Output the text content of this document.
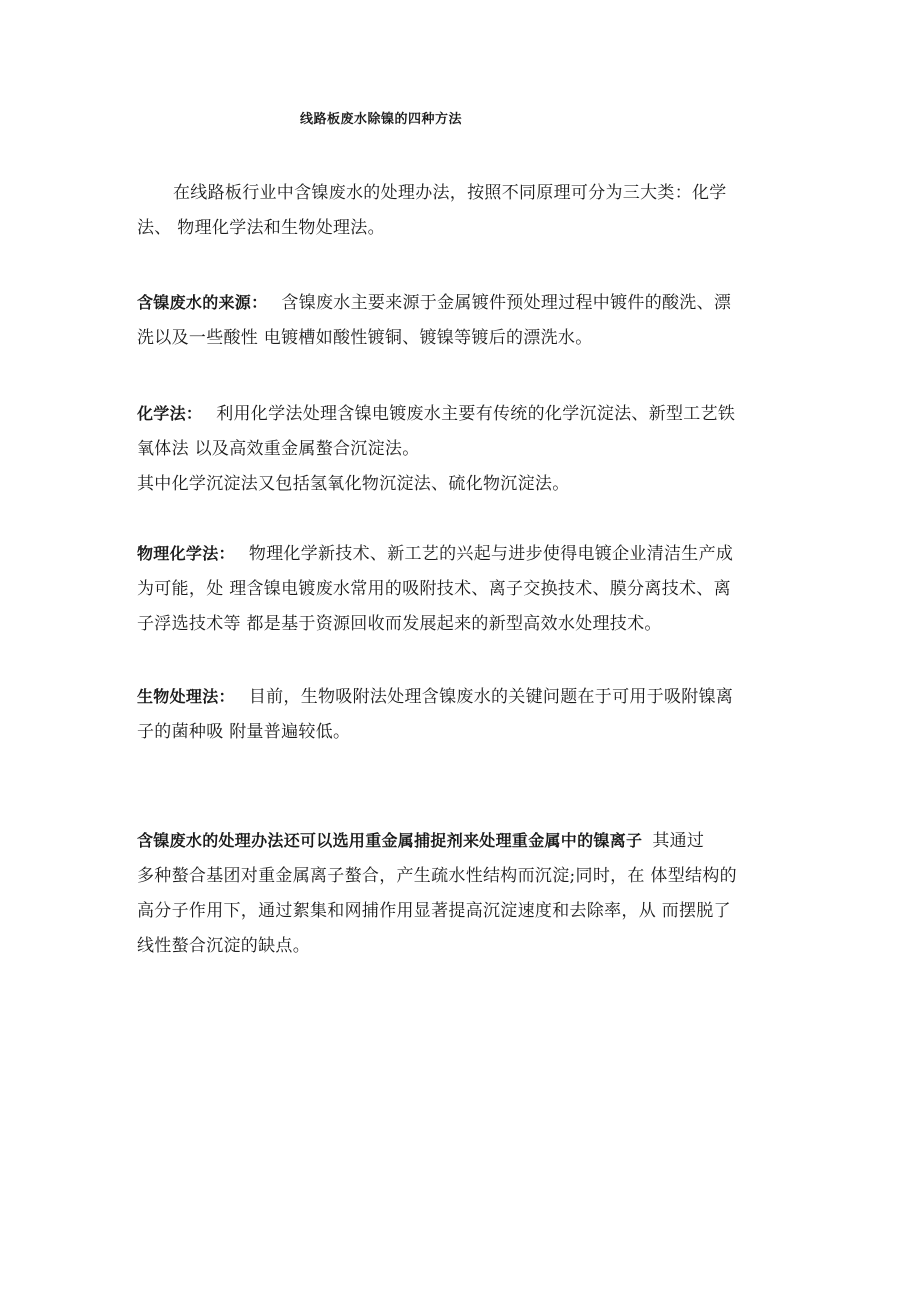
线路板废水除镍的四种方法

在线路板行业中含镍废水的处理办法，按照不同原理可分为三大类：化学
法、 物理化学法和生物处理法。

含镍废水的来源： 含镍废水主要来源于金属镀件预处理过程中镀件的酸洗、漂
洗以及一些酸性 电镀槽如酸性镀铜、镀镍等镀后的漂洗水。

化学法： 利用化学法处理含镍电镀废水主要有传统的化学沉淀法、新型工艺铁
氧体法 以及高效重金属螯合沉淀法。
其中化学沉淀法又包括氢氧化物沉淀法、硫化物沉淀法。

物理化学法： 物理化学新技术、新工艺的兴起与进步使得电镀企业清洁生产成
为可能，处 理含镍电镀废水常用的吸附技术、离子交换技术、膜分离技术、离
子浮选技术等 都是基于资源回收而发展起来的新型高效水处理技术。

生物处理法： 目前，生物吸附法处理含镍废水的关键问题在于可用于吸附镍离
子的菌种吸 附量普遍较低。

含镍废水的处理办法还可以选用重金属捕捉剂来处理重金属中的镍离子 其通过
多种螯合基团对重金属离子螯合，产生疏水性结构而沉淀;同时，在 体型结构的
高分子作用下，通过絮集和网捕作用显著提高沉淀速度和去除率，从 而摆脱了
线性螯合沉淀的缺点。
